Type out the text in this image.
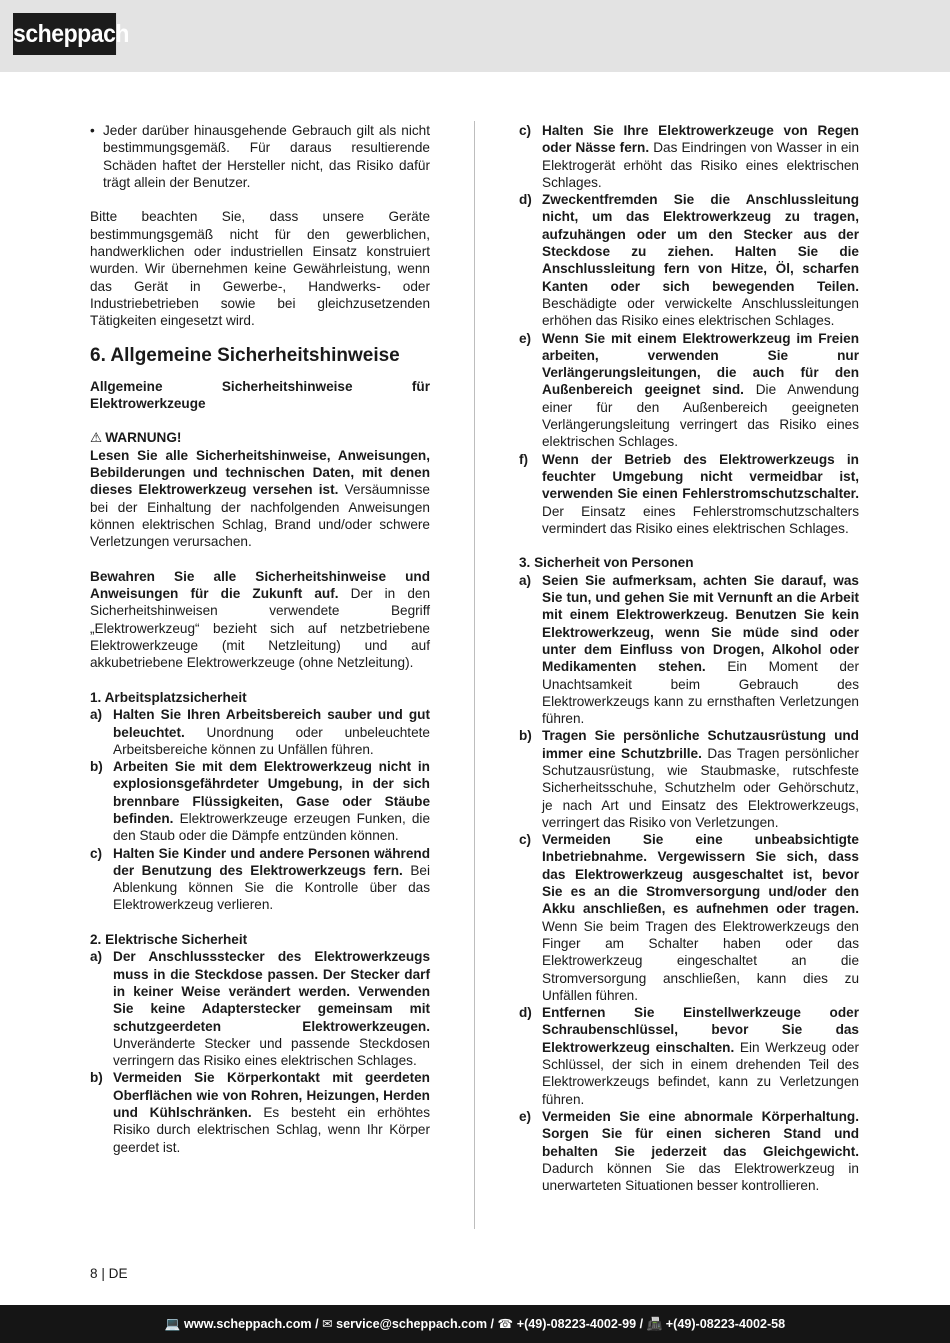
scheppach

• Jeder darüber hinausgehende Gebrauch gilt als nicht bestimmungsgemäß. Für daraus resultierende Schäden haftet der Hersteller nicht, das Risiko dafür trägt allein der Benutzer.

Bitte beachten Sie, dass unsere Geräte bestimmungsgemäß nicht für den gewerblichen, handwerklichen oder industriellen Einsatz konstruiert wurden. Wir übernehmen keine Gewährleistung, wenn das Gerät in Gewerbe-, Handwerks- oder Industriebetrieben sowie bei gleichzusetzenden Tätigkeiten eingesetzt wird.

6. Allgemeine Sicherheitshinweise

Allgemeine Sicherheitshinweise für Elektrowerkzeuge

⚠ WARNUNG!

Lesen Sie alle Sicherheitshinweise, Anweisungen, Bebilderungen und technischen Daten, mit denen dieses Elektrowerkzeug versehen ist. Versäumnisse bei der Einhaltung der nachfolgenden Anweisungen können elektrischen Schlag, Brand und/oder schwere Verletzungen verursachen.

Bewahren Sie alle Sicherheitshinweise und Anweisungen für die Zukunft auf. Der in den Sicherheitshinweisen verwendete Begriff „Elektrowerkzeug“ bezieht sich auf netzbetriebene Elektrowerkzeuge (mit Netzleitung) und auf akkubetriebene Elektrowerkzeuge (ohne Netzleitung).

1. Arbeitsplatzsicherheit

a) Halten Sie Ihren Arbeitsbereich sauber und gut beleuchtet. Unordnung oder unbeleuchtete Arbeitsbereiche können zu Unfällen führen.

b) Arbeiten Sie mit dem Elektrowerkzeug nicht in explosionsgefährdeter Umgebung, in der sich brennbare Flüssigkeiten, Gase oder Stäube befinden. Elektrowerkzeuge erzeugen Funken, die den Staub oder die Dämpfe entzünden können.

c) Halten Sie Kinder und andere Personen während der Benutzung des Elektrowerkzeugs fern. Bei Ablenkung können Sie die Kontrolle über das Elektrowerkzeug verlieren.

2. Elektrische Sicherheit

a) Der Anschlussstecker des Elektrowerkzeugs muss in die Steckdose passen. Der Stecker darf in keiner Weise verändert werden. Verwenden Sie keine Adapterstecker gemeinsam mit schutzgeerdeten Elektrowerkzeugen. Unveränderte Stecker und passende Steckdosen verringern das Risiko eines elektrischen Schlages.

b) Vermeiden Sie Körperkontakt mit geerdeten Oberflächen wie von Rohren, Heizungen, Herden und Kühlschränken. Es besteht ein erhöhtes Risiko durch elektrischen Schlag, wenn Ihr Körper geerdet ist.

c) Halten Sie Ihre Elektrowerkzeuge von Regen oder Nässe fern. Das Eindringen von Wasser in ein Elektrogerät erhöht das Risiko eines elektrischen Schlages.

d) Zweckentfremden Sie die Anschlussleitung nicht, um das Elektrowerkzeug zu tragen, aufzuhängen oder um den Stecker aus der Steckdose zu ziehen. Halten Sie die Anschlussleitung fern von Hitze, Öl, scharfen Kanten oder sich bewegenden Teilen. Beschädigte oder verwickelte Anschlussleitungen erhöhen das Risiko eines elektrischen Schlages.

e) Wenn Sie mit einem Elektrowerkzeug im Freien arbeiten, verwenden Sie nur Verlängerungsleitungen, die auch für den Außenbereich geeignet sind. Die Anwendung einer für den Außenbereich geeigneten Verlängerungsleitung verringert das Risiko eines elektrischen Schlages.

f) Wenn der Betrieb des Elektrowerkzeugs in feuchter Umgebung nicht vermeidbar ist, verwenden Sie einen Fehlerstromschutzschalter. Der Einsatz eines Fehlerstromschutzschalters vermindert das Risiko eines elektrischen Schlages.

3. Sicherheit von Personen

a) Seien Sie aufmerksam, achten Sie darauf, was Sie tun, und gehen Sie mit Vernunft an die Arbeit mit einem Elektrowerkzeug. Benutzen Sie kein Elektrowerkzeug, wenn Sie müde sind oder unter dem Einfluss von Drogen, Alkohol oder Medikamenten stehen. Ein Moment der Unachtsamkeit beim Gebrauch des Elektrowerkzeugs kann zu ernsthaften Verletzungen führen.

b) Tragen Sie persönliche Schutzausrüstung und immer eine Schutzbrille. Das Tragen persönlicher Schutzausrüstung, wie Staubmaske, rutschfeste Sicherheitsschuhe, Schutzhelm oder Gehörschutz, je nach Art und Einsatz des Elektrowerkzeugs, verringert das Risiko von Verletzungen.

c) Vermeiden Sie eine unbeabsichtigte Inbetriebnahme. Vergewissern Sie sich, dass das Elektrowerkzeug ausgeschaltet ist, bevor Sie es an die Stromversorgung und/oder den Akku anschließen, es aufnehmen oder tragen. Wenn Sie beim Tragen des Elektrowerkzeugs den Finger am Schalter haben oder das Elektrowerkzeug eingeschaltet an die Stromversorgung anschließen, kann dies zu Unfällen führen.

d) Entfernen Sie Einstellwerkzeuge oder Schraubenschlüssel, bevor Sie das Elektrowerkzeug einschalten. Ein Werkzeug oder Schlüssel, der sich in einem drehenden Teil des Elektrowerkzeugs befindet, kann zu Verletzungen führen.

e) Vermeiden Sie eine abnormale Körperhaltung. Sorgen Sie für einen sicheren Stand und behalten Sie jederzeit das Gleichgewicht. Dadurch können Sie das Elektrowerkzeug in unerwarteten Situationen besser kontrollieren.

8 | DE
💻 www.scheppach.com / ✉ service@scheppach.com / ☎ +(49)-08223-4002-99 / 📠 +(49)-08223-4002-58
